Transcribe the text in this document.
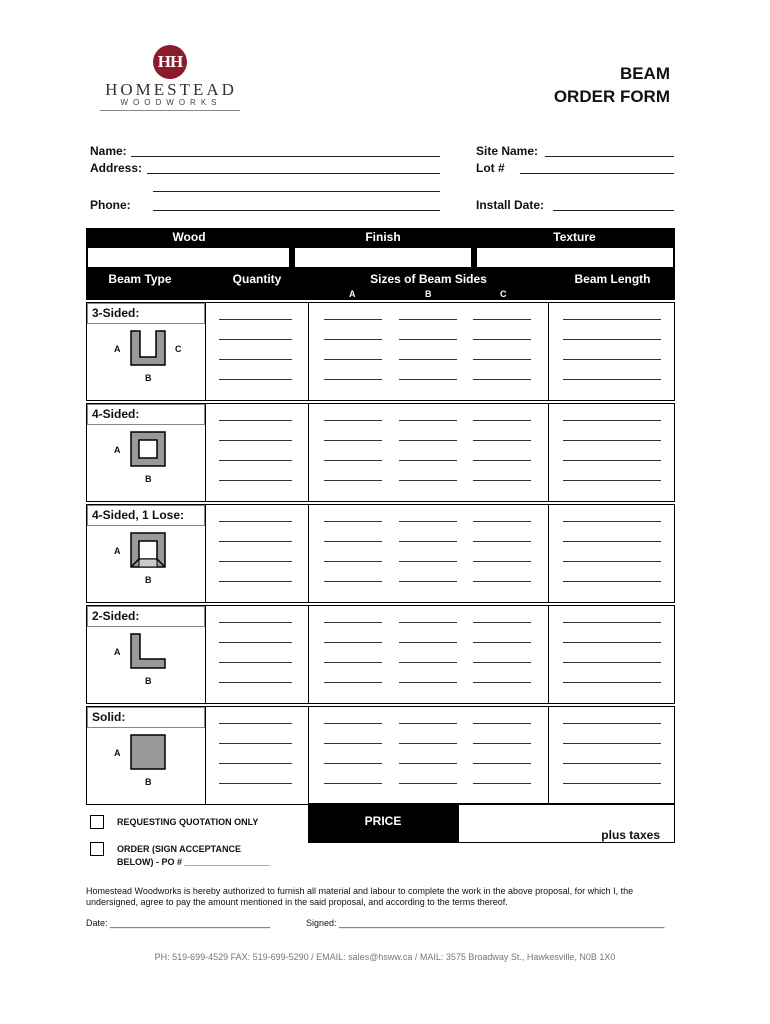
HH
HOMESTEAD
WOODWORKS
BEAM
ORDER FORM
Name:
Address:
Phone:
Site Name:
Lot #
Install Date:
Wood	Finish	Texture
Beam Type	Quantity	Sizes of Beam Sides	Beam Length
A	B	C
3-Sided:
A
B
C
4-Sided:
A
B
4-Sided, 1 Lose:
A
B
2-Sided:
A
B
Solid:
A
B
REQUESTING QUOTATION ONLY
ORDER (SIGN ACCEPTANCE
BELOW) - PO # _________________
PRICE
plus taxes
Homestead Woodworks is hereby authorized to furnish all material and labour to complete the work in the above proposal, for which I, the undersigned, agree to pay the amount mentioned in the said proposal, and according to the terms thereof.
Date: ________________________________	Signed: _________________________________________________________________
PH: 519-699-4529 FAX: 519-699-5290 / EMAIL: sales@hsww.ca / MAIL: 3575 Broadway St., Hawkesville, N0B 1X0
